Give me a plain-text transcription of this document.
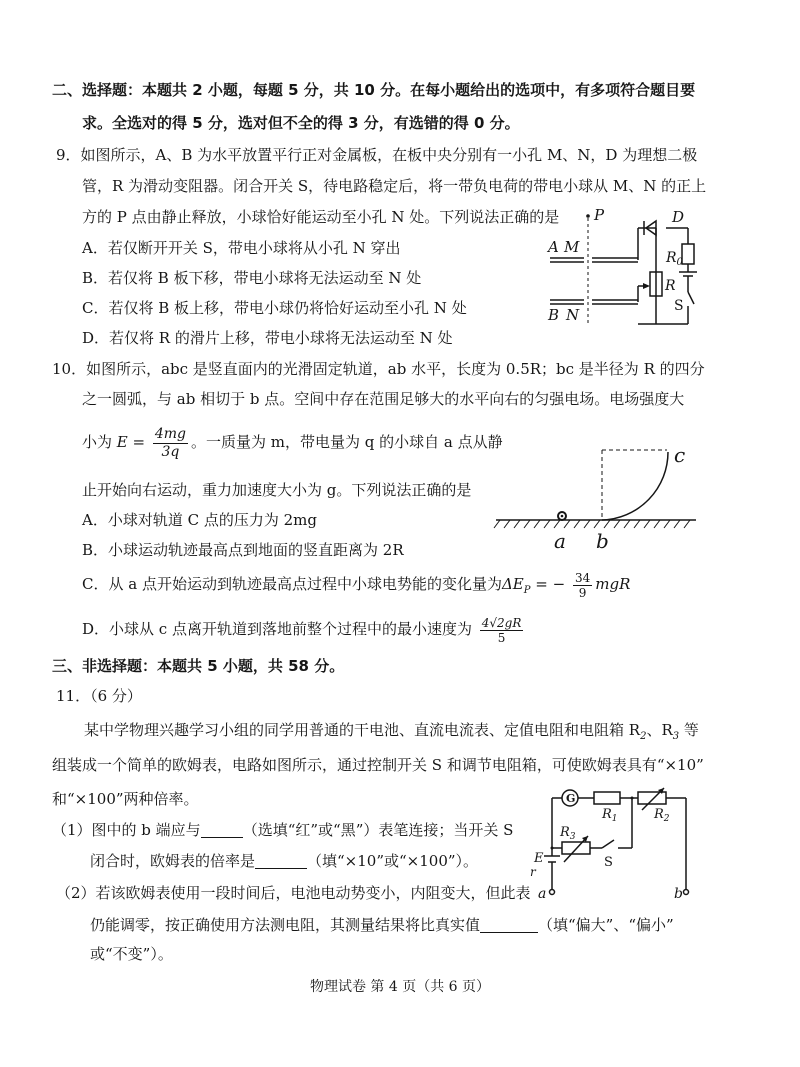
二、选择题：本题共 2 小题，每题 5 分，共 10 分。在每小题给出的选项中，有多项符合题目要
求。全选对的得 5 分，选对但不全的得 3 分，有选错的得 0 分。
9．如图所示，A、B 为水平放置平行正对金属板，在板中央分别有一小孔 M、N，D 为理想二极
管，R 为滑动变阻器。闭合开关 S，待电路稳定后，将一带负电荷的带电小球从 M、N 的正上
方的 P 点由静止释放，小球恰好能运动至小孔 N 处。下列说法正确的是
A．若仅断开开关 S，带电小球将从小孔 N 穿出
B．若仅将 B 板下移，带电小球将无法运动至 N 处
C．若仅将 B 板上移，带电小球仍将恰好运动至小孔 N 处
D．若仅将 R 的滑片上移，带电小球将无法运动至 N 处
P	D
A M
B N
R
$R_0$
S
10．如图所示，abc 是竖直面内的光滑固定轨道，ab 水平，长度为 0.5R；bc 是半径为 R 的四分
之一圆弧，与 ab 相切于 b 点。空间中存在范围足够大的水平向右的匀强电场。电场强度大
小为 $E = \frac{4mg}{3q}$ 。一质量为 m，带电量为 q 的小球自 a 点从静
止开始向右运动，重力加速度大小为 g。下列说法正确的是
A．小球对轨道 C 点的压力为 2mg
B．小球运动轨迹最高点到地面的竖直距离为 2R
C．从 a 点开始运动到轨迹最高点过程中小球电势能的变化量为$\Delta E_P$ = − $\frac{34}{9}$ mgR
D．小球从 c 点离开轨道到落地前整个过程中的最小速度为 $\frac{4√2gR}{5}$
a b
c
三、非选择题：本题共 5 小题，共 58 分。
11．（6 分）
某中学物理兴趣学习小组的同学用普通的干电池、直流电流表、定值电阻和电阻箱 $R_2$、$R_3$ 等
组装成一个简单的欧姆表，电路如图所示，通过控制开关 S 和调节电阻箱，可使欧姆表具有“×10”
和“×100”两种倍率。
（1）图中的 b 端应与	（选填“红”或“黑”）表笔连接；当开关 S
闭合时，欧姆表的倍率是	（填“×10”或“×100”）。
（2）若该欧姆表使用一段时间后，电池电动势变小，内阻变大，但此表
仍能调零，按正确使用方法测电阻，其测量结果将比真实值	（填“偏大”、“偏小”
或“不变”）。
G
$R_1$	$R_2$
$R_3$
S
E
r
a	b
物理试卷 第 4 页（共 6 页）
